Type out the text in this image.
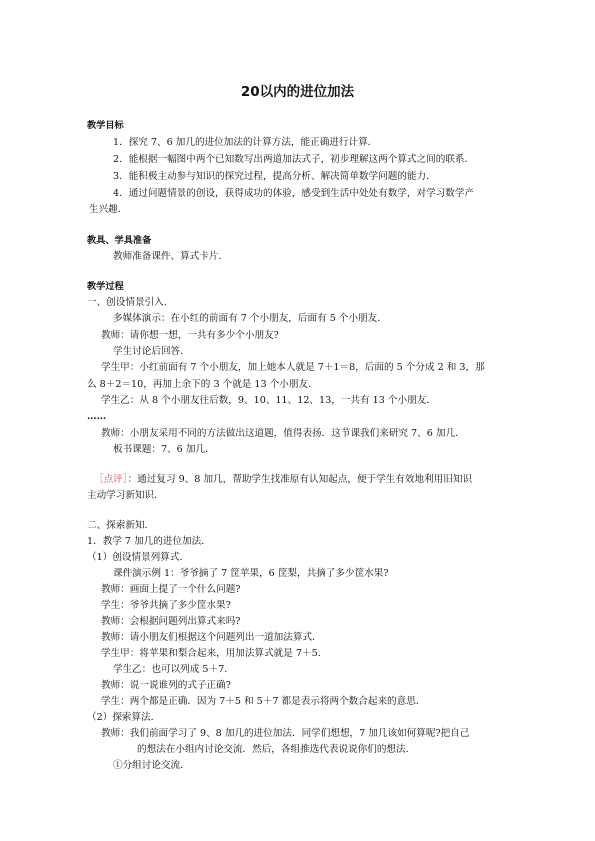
20以内的进位加法
教学目标
1．探究 7、6 加几的进位加法的计算方法，能正确进行计算．
2．能根据一幅图中两个已知数写出两道加法式子，初步理解这两个算式之间的联系．
3．能积极主动参与知识的探究过程，提高分析、解决简单数学问题的能力．
4．通过问题情景的创设，获得成功的体验，感受到生活中处处有数学，对学习数学产
生兴趣．
教具、学具准备
教师准备课件、算式卡片．
教学过程
一、创设情景引入．
多媒体演示：在小红的前面有 7 个小朋友，后面有 5 个小朋友．
教师：请你想一想，一共有多少个小朋友?
学生讨论后回答．
学生甲：小红前面有 7 个小朋友，加上她本人就是 7＋1＝8，后面的 5 个分成 2 和 3，那
么 8＋2＝10，再加上余下的 3 个就是 13 个小朋友．
学生乙：从 8 个小朋友往后数，9、10、11、12、13，一共有 13 个小朋友．
……
教师：小朋友采用不同的方法做出这道题，值得表扬．这节课我们来研究 7、6 加几．
板书课题：7、6 加几．
［点评］：通过复习 9、8 加几，帮助学生找准原有认知起点，便于学生有效地利用旧知识
主动学习新知识．
二、探索新知．
1．教学 7 加几的进位加法．
（1）创设情景列算式．
课件演示例 1：爷爷摘了 7 筐苹果，6 筐梨，共摘了多少筐水果?
教师：画面上提了一个什么问题?
学生：爷爷共摘了多少筐水果?
教师：会根据问题列出算式来吗?
教师：请小朋友们根据这个问题列出一道加法算式．
学生甲：将苹果和梨合起来，用加法算式就是 7＋5．
学生乙：也可以列成 5＋7．
教师：说一说谁列的式子正确?
学生：两个都是正确．因为 7＋5 和 5＋7 都是表示将两个数合起来的意思．
（2）探索算法．
教师：我们前面学习了 9、8 加几的进位加法．同学们想想，7 加几该如何算呢?把自己
的想法在小组内讨论交流．然后，各组推选代表说说你们的想法．
①分组讨论交流．
